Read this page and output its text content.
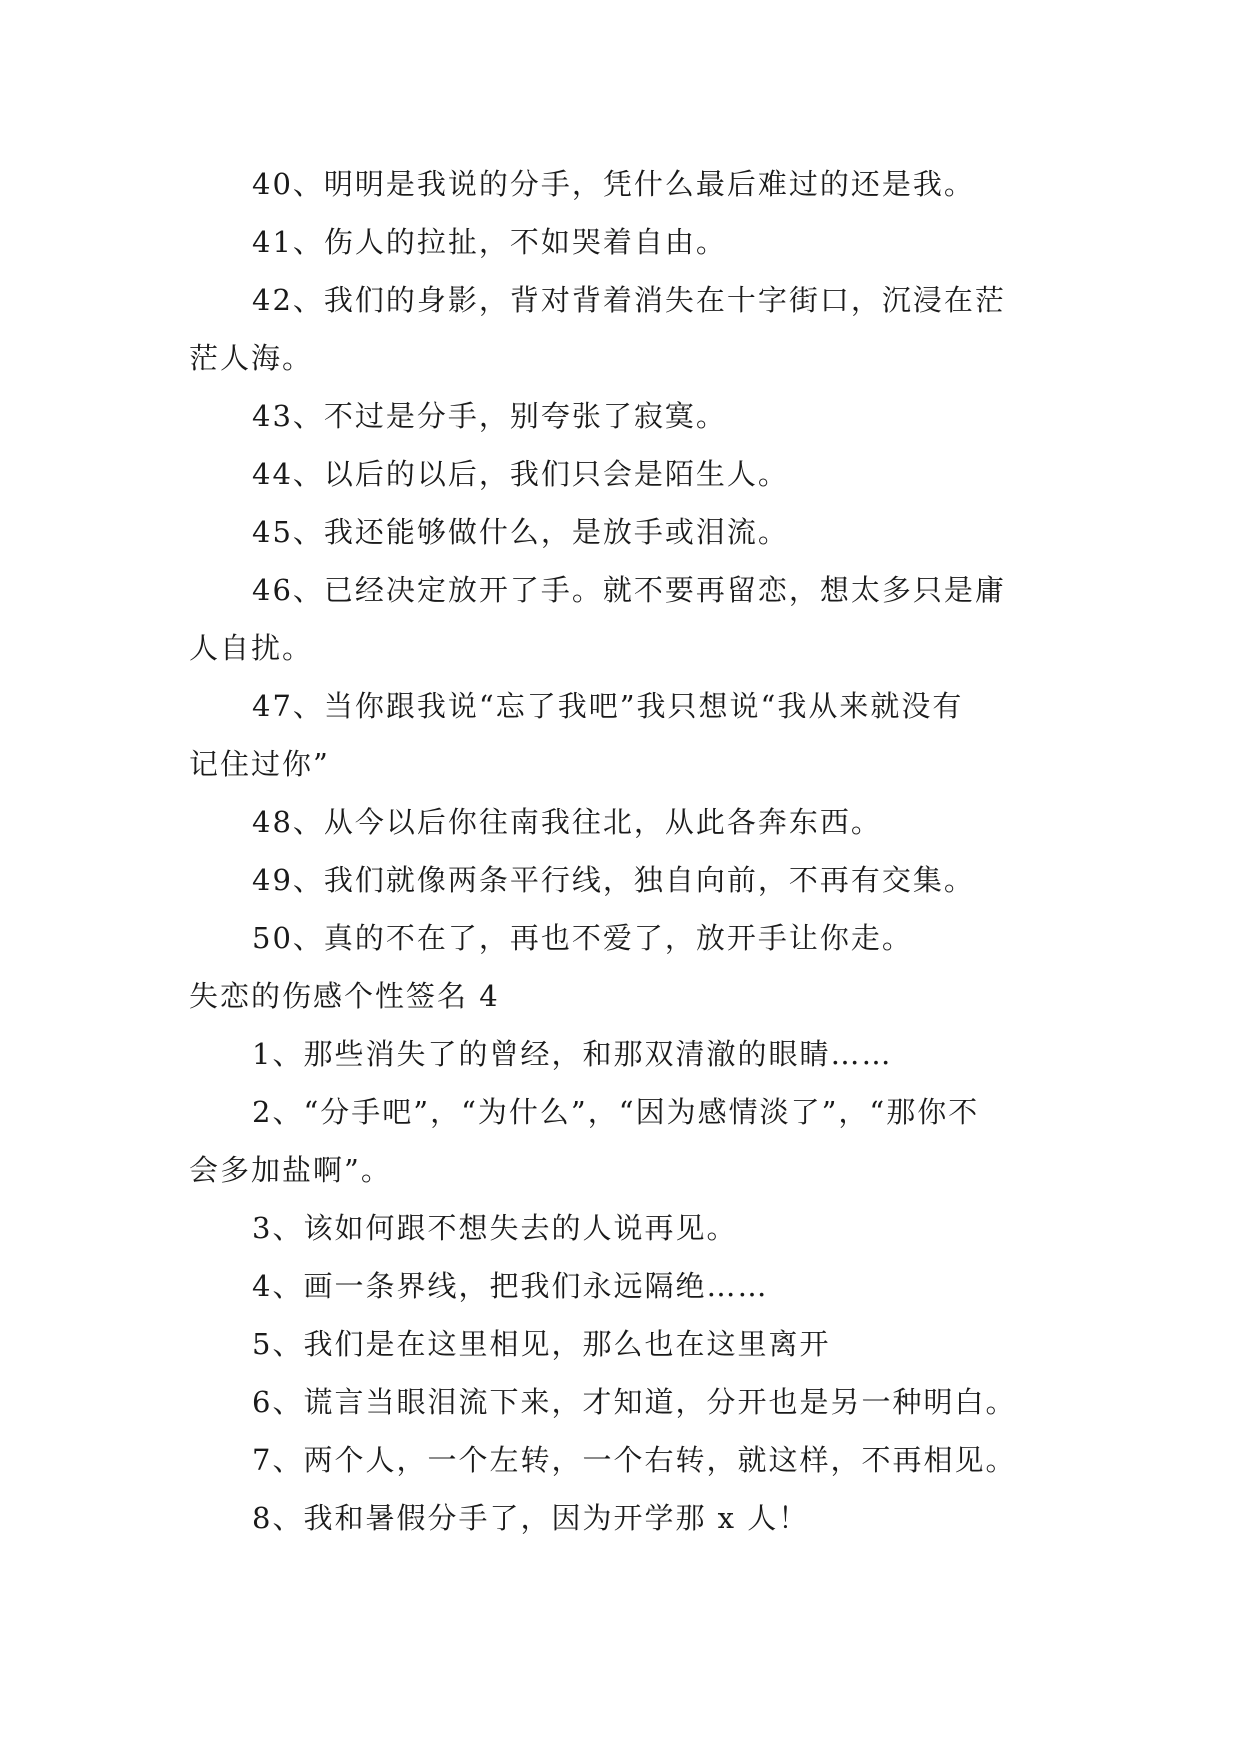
40、明明是我说的分手，凭什么最后难过的还是我。
41、伤人的拉扯，不如哭着自由。
42、我们的身影，背对背着消失在十字街口，沉浸在茫
茫人海。
43、不过是分手，别夸张了寂寞。
44、以后的以后，我们只会是陌生人。
45、我还能够做什么，是放手或泪流。
46、已经决定放开了手。就不要再留恋，想太多只是庸
人自扰。
47、当你跟我说“忘了我吧”我只想说“我从来就没有
记住过你”
48、从今以后你往南我往北，从此各奔东西。
49、我们就像两条平行线，独自向前，不再有交集。
50、真的不在了，再也不爱了，放开手让你走。
失恋的伤感个性签名 4
1、那些消失了的曾经，和那双清澈的眼睛……
2、“分手吧”，“为什么”，“因为感情淡了”，“那你不
会多加盐啊”。
3、该如何跟不想失去的人说再见。
4、画一条界线，把我们永远隔绝……
5、我们是在这里相见，那么也在这里离开
6、谎言当眼泪流下来，才知道，分开也是另一种明白。
7、两个人，一个左转，一个右转，就这样，不再相见。
8、我和暑假分手了，因为开学那 x 人！
